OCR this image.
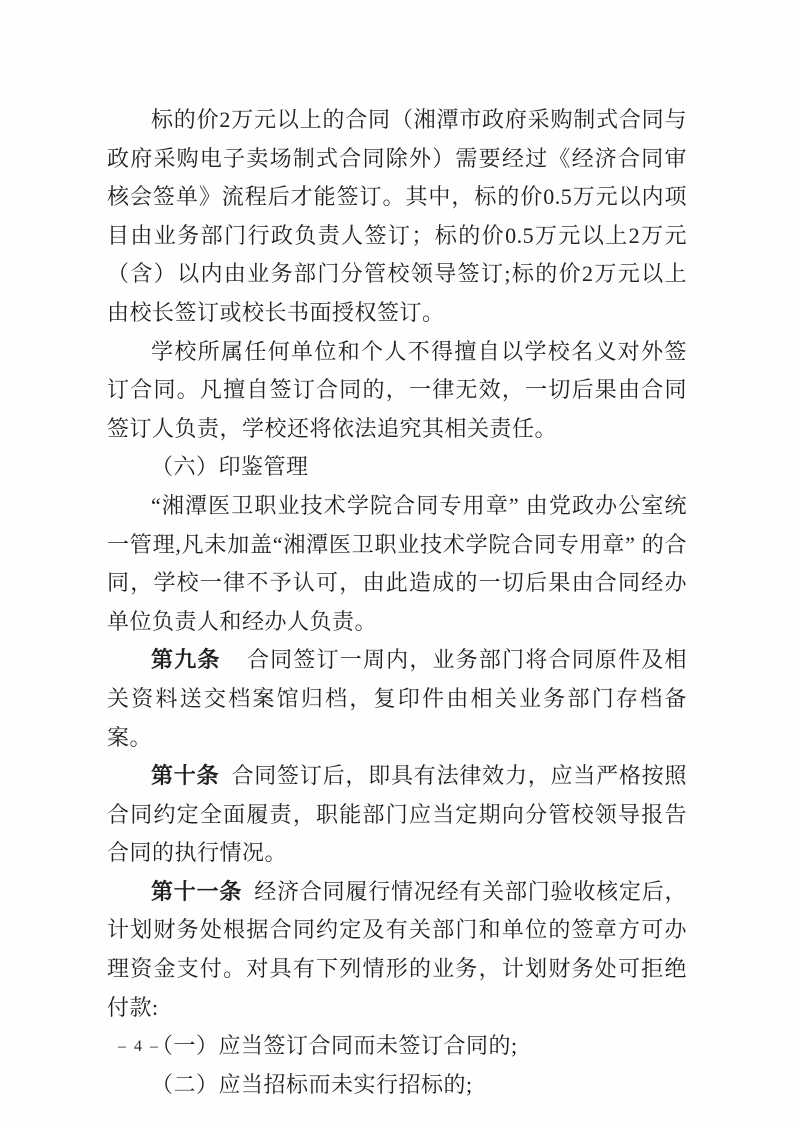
标的价2万元以上的合同（湘潭市政府采购制式合同与政府采购电子卖场制式合同除外）需要经过《经济合同审核会签单》流程后才能签订。其中，标的价0.5万元以内项目由业务部门行政负责人签订；标的价0.5万元以上2万元（含）以内由业务部门分管校领导签订;标的价2万元以上由校长签订或校长书面授权签订。

学校所属任何单位和个人不得擅自以学校名义对外签订合同。凡擅自签订合同的，一律无效，一切后果由合同签订人负责，学校还将依法追究其相关责任。

（六）印鉴管理

“湘潭医卫职业技术学院合同专用章” 由党政办公室统一管理,凡未加盖“湘潭医卫职业技术学院合同专用章” 的合同，学校一律不予认可，由此造成的一切后果由合同经办单位负责人和经办人负责。

第九条 合同签订一周内，业务部门将合同原件及相关资料送交档案馆归档，复印件由相关业务部门存档备案。

第十条 合同签订后，即具有法律效力，应当严格按照合同约定全面履责，职能部门应当定期向分管校领导报告合同的执行情况。

第十一条 经济合同履行情况经有关部门验收核定后，计划财务处根据合同约定及有关部门和单位的签章方可办理资金支付。对具有下列情形的业务，计划财务处可拒绝付款:

（一）应当签订合同而未签订合同的;

（二）应当招标而未实行招标的;

– 4 –
